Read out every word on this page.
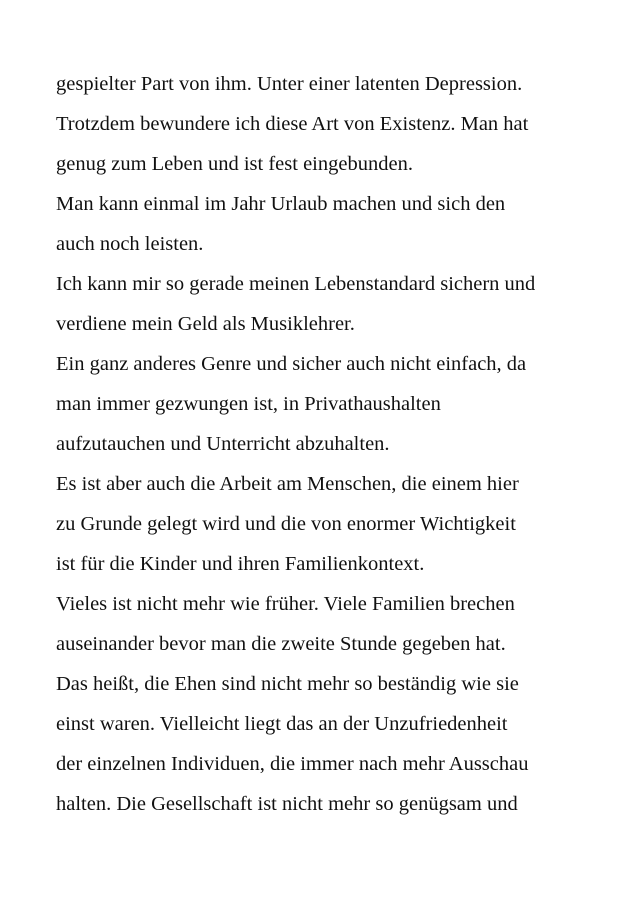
gespielter Part von ihm. Unter einer latenten Depression.
Trotzdem bewundere ich diese Art von Existenz. Man hat
genug zum Leben und ist fest eingebunden.
Man kann einmal im Jahr Urlaub machen und sich den
auch noch leisten.
Ich kann mir so gerade meinen Lebenstandard sichern und
verdiene mein Geld als Musiklehrer.
Ein ganz anderes Genre und sicher auch nicht einfach, da
man immer gezwungen ist, in Privathaushalten
aufzutauchen und Unterricht abzuhalten.
Es ist aber auch die Arbeit am Menschen, die einem hier
zu Grunde gelegt wird und die von enormer Wichtigkeit
ist für die Kinder und ihren Familienkontext.
Vieles ist nicht mehr wie früher. Viele Familien brechen
auseinander bevor man die zweite Stunde gegeben hat.
Das heißt, die Ehen sind nicht mehr so beständig wie sie
einst waren. Vielleicht liegt das an der Unzufriedenheit
der einzelnen Individuen, die immer nach mehr Ausschau
halten. Die Gesellschaft ist nicht mehr so genügsam und
